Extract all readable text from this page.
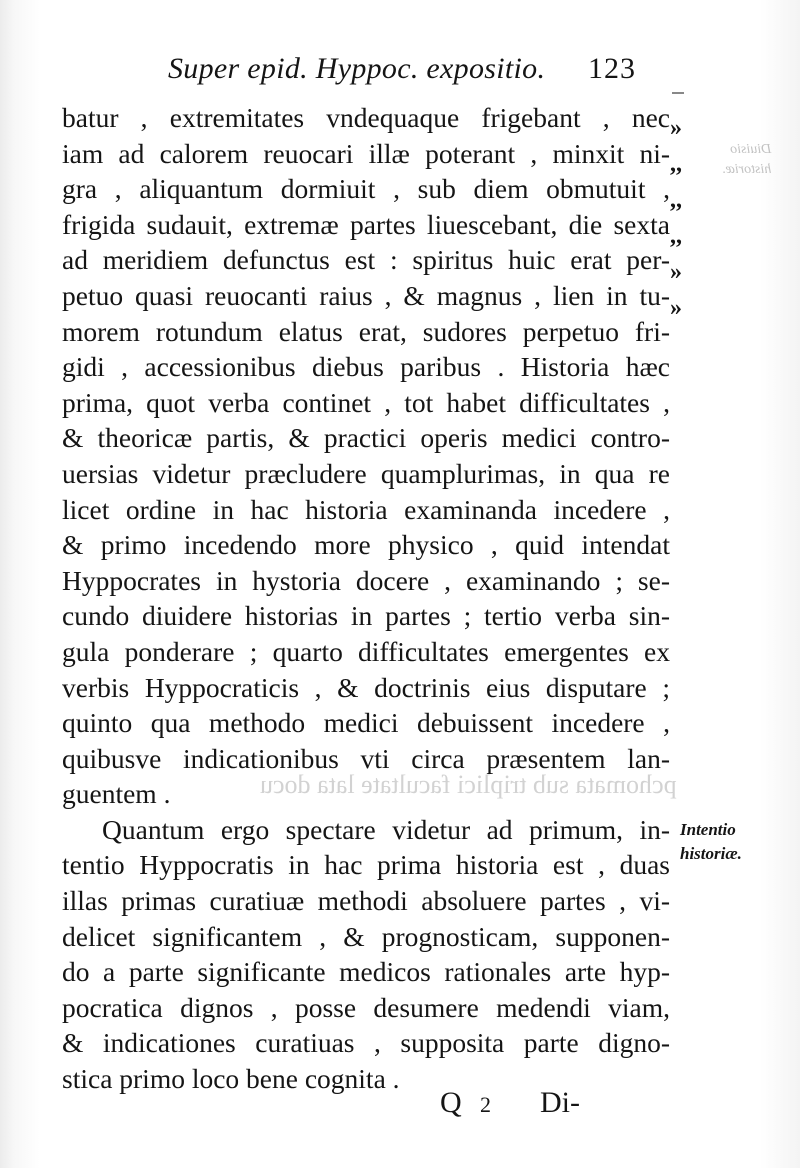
Super epid. Hyppoc. expositio. 123
Diuisio
historiæ.
pchomata sub triplici facultate lata docu
batur , extremitates vndequaque frigebant , nec
iam ad calorem reuocari illæ poterant , minxit ni-
gra , aliquantum dormiuit , sub diem obmutuit ,
frigida sudauit, extremæ partes liuescebant, die sexta
ad meridiem defunctus est : spiritus huic erat per-
petuo quasi reuocanti raius , & magnus , lien in tu-
morem rotundum elatus erat, sudores perpetuo fri-
gidi , accessionibus diebus paribus . Historia hæc
prima, quot verba continet , tot habet difficultates ,
& theoricæ partis, & practici operis medici contro-
uersias videtur præcludere quamplurimas, in qua re
licet ordine in hac historia examinanda incedere ,
& primo incedendo more physico , quid intendat
Hyppocrates in hystoria docere , examinando ; se-
cundo diuidere historias in partes ; tertio verba sin-
gula ponderare ; quarto difficultates emergentes ex
verbis Hyppocraticis , & doctrinis eius disputare ;
quinto qua methodo medici debuissent incedere ,
quibusve indicationibus vti circa præsentem lan-
guentem .
Quantum ergo spectare videtur ad primum, in-
tentio Hyppocratis in hac prima historia est , duas
illas primas curatiuæ methodi absoluere partes , vi-
delicet significantem , & prognosticam, supponen-
do a parte significante medicos rationales arte hyp-
pocratica dignos , posse desumere medendi viam,
& indicationes curatiuas , supposita parte digno-
stica primo loco bene cognita .
»
,,
,,
,,
»
»
Intentio
historiæ.
Q 2 Di-
